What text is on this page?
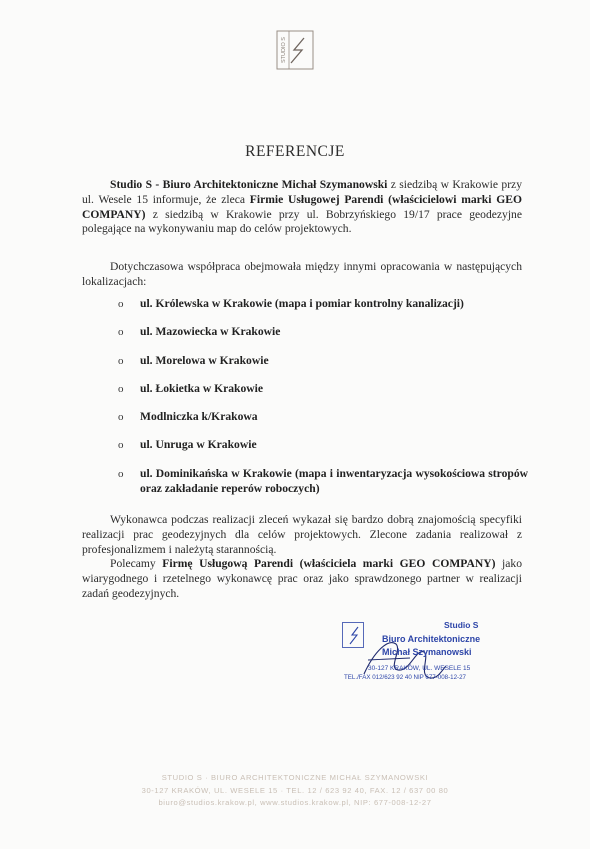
STUDIO S
REFERENCJE
Studio S - Biuro Architektoniczne Michał Szymanowski z siedzibą w Krakowie przy ul. Wesele 15 informuje, że zleca Firmie Usługowej Parendi (właścicielowi marki GEO COMPANY) z siedzibą w Krakowie przy ul. Bobrzyńskiego 19/17 prace geodezyjne polegające na wykonywaniu map do celów projektowych.
Dotychczasowa współpraca obejmowała między innymi opracowania w następujących lokalizacjach:
o ul. Królewska w Krakowie (mapa i pomiar kontrolny kanalizacji)
o ul. Mazowiecka w Krakowie
o ul. Morelowa w Krakowie
o ul. Łokietka w Krakowie
o Modlniczka k/Krakowa
o ul. Unruga w Krakowie
o ul. Dominikańska w Krakowie (mapa i inwentaryzacja wysokościowa stropów oraz zakładanie reperów roboczych)
Wykonawca podczas realizacji zleceń wykazał się bardzo dobrą znajomością specyfiki realizacji prac geodezyjnych dla celów projektowych. Zlecone zadania realizował z profesjonalizmem i należytą starannością.
Polecamy Firmę Usługową Parendi (właściciela marki GEO COMPANY) jako wiarygodnego i rzetelnego wykonawcę prac oraz jako sprawdzonego partner w realizacji zadań geodezyjnych.
Studio S
Biuro Architektoniczne
Michał Szymanowski
30-127 KRAKÓW, UL. WESELE 15
TEL./FAX 012/623 92 40 NIP 677-008-12-27
STUDIO S · BIURO ARCHITEKTONICZNE MICHAŁ SZYMANOWSKI
30-127 KRAKÓW, UL. WESELE 15 · TEL. 12 / 623 92 40, FAX. 12 / 637 00 80
biuro@studios.krakow.pl, www.studios.krakow.pl, NIP: 677-008-12-27
